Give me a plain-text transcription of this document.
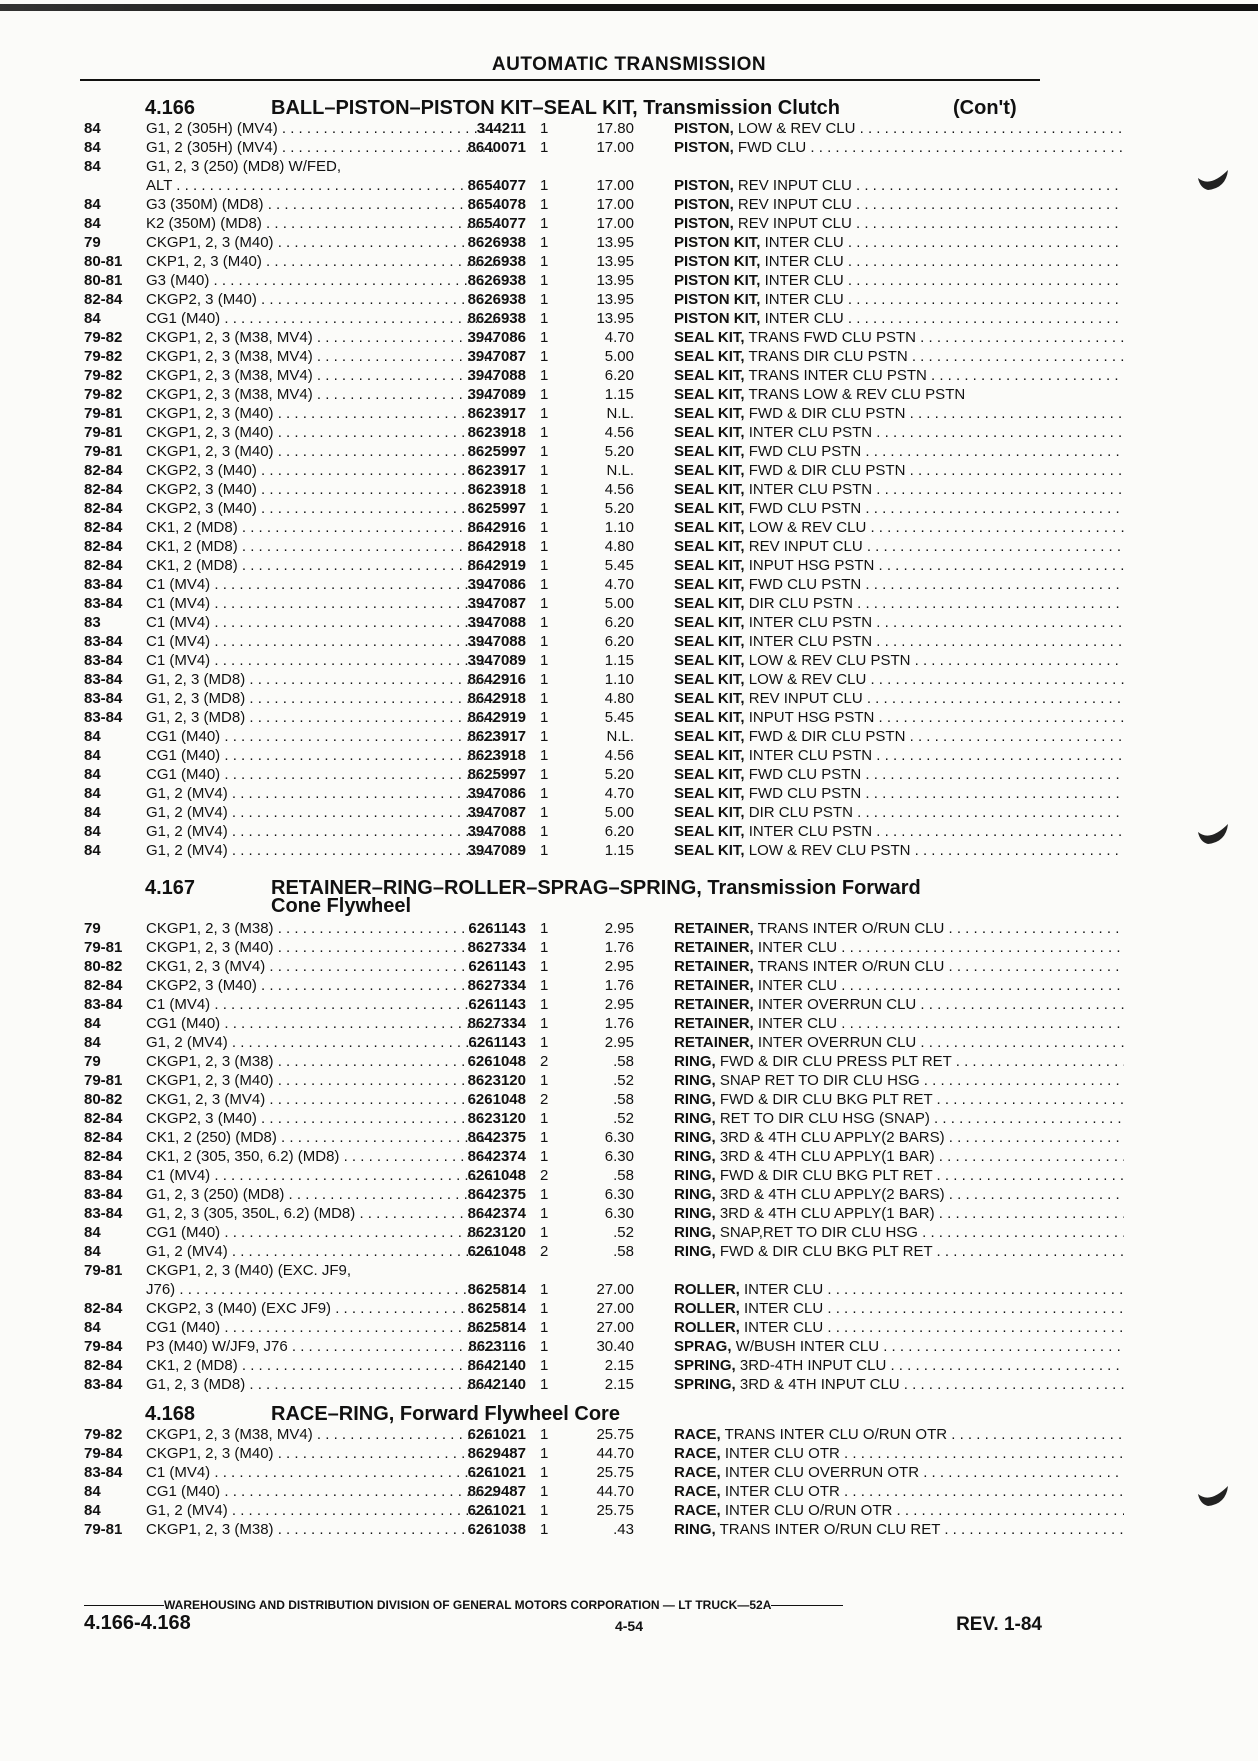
AUTOMATIC TRANSMISSION
4.166	BALL–PISTON–PISTON KIT–SEAL KIT, Transmission Clutch	(Con't)
84	G1, 2 (305H) (MV4) . . .	344211 1	17.80	PISTON, LOW & REV CLU . . .
84	G1, 2 (305H) (MV4) . . .	8640071 1	17.00	PISTON, FWD CLU . . .
84	G1, 2, 3 (250) (MD8) W/FED,
ALT . . .	8654077 1	17.00	PISTON, REV INPUT CLU . . .
84	G3 (350M) (MD8) . . .	8654078 1	17.00	PISTON, REV INPUT CLU . . .
84	K2 (350M) (MD8) . . .	8654077 1	17.00	PISTON, REV INPUT CLU . . .
79	CKGP1, 2, 3 (M40) . . .	8626938 1	13.95	PISTON KIT, INTER CLU . . .
80-81	CKP1, 2, 3 (M40) . . .	8626938 1	13.95	PISTON KIT, INTER CLU . . .
80-81	G3 (M40) . . .	8626938 1	13.95	PISTON KIT, INTER CLU . . .
82-84	CKGP2, 3 (M40) . . .	8626938 1	13.95	PISTON KIT, INTER CLU . . .
84	CG1 (M40) . . .	8626938 1	13.95	PISTON KIT, INTER CLU . . .
79-82	CKGP1, 2, 3 (M38, MV4) . . .	3947086 1	4.70	SEAL KIT, TRANS FWD CLU PSTN . . .
79-82	CKGP1, 2, 3 (M38, MV4) . . .	3947087 1	5.00	SEAL KIT, TRANS DIR CLU PSTN . . .
79-82	CKGP1, 2, 3 (M38, MV4) . . .	3947088 1	6.20	SEAL KIT, TRANS INTER CLU PSTN . . .
79-82	CKGP1, 2, 3 (M38, MV4) . . .	3947089 1	1.15	SEAL KIT, TRANS LOW & REV CLU PSTN
79-81	CKGP1, 2, 3 (M40) . . .	8623917 1	N.L.	SEAL KIT, FWD & DIR CLU PSTN . . .
79-81	CKGP1, 2, 3 (M40) . . .	8623918 1	4.56	SEAL KIT, INTER CLU PSTN . . .
79-81	CKGP1, 2, 3 (M40) . . .	8625997 1	5.20	SEAL KIT, FWD CLU PSTN . . .
82-84	CKGP2, 3 (M40) . . .	8623917 1	N.L.	SEAL KIT, FWD & DIR CLU PSTN . . .
82-84	CKGP2, 3 (M40) . . .	8623918 1	4.56	SEAL KIT, INTER CLU PSTN . . .
82-84	CKGP2, 3 (M40) . . .	8625997 1	5.20	SEAL KIT, FWD CLU PSTN . . .
82-84	CK1, 2 (MD8) . . .	8642916 1	1.10	SEAL KIT, LOW & REV CLU . . .
82-84	CK1, 2 (MD8) . . .	8642918 1	4.80	SEAL KIT, REV INPUT CLU . . .
82-84	CK1, 2 (MD8) . . .	8642919 1	5.45	SEAL KIT, INPUT HSG PSTN . . .
83-84	C1 (MV4) . . .	3947086 1	4.70	SEAL KIT, FWD CLU PSTN . . .
83-84	C1 (MV4) . . .	3947087 1	5.00	SEAL KIT, DIR CLU PSTN . . .
83	C1 (MV4) . . .	3947088 1	6.20	SEAL KIT, INTER CLU PSTN . . .
83-84	C1 (MV4) . . .	3947088 1	6.20	SEAL KIT, INTER CLU PSTN . . .
83-84	C1 (MV4) . . .	3947089 1	1.15	SEAL KIT, LOW & REV CLU PSTN . . .
83-84	G1, 2, 3 (MD8) . . .	8642916 1	1.10	SEAL KIT, LOW & REV CLU . . .
83-84	G1, 2, 3 (MD8) . . .	8642918 1	4.80	SEAL KIT, REV INPUT CLU . . .
83-84	G1, 2, 3 (MD8) . . .	8642919 1	5.45	SEAL KIT, INPUT HSG PSTN . . .
84	CG1 (M40) . . .	8623917 1	N.L.	SEAL KIT, FWD & DIR CLU PSTN . . .
84	CG1 (M40) . . .	8623918 1	4.56	SEAL KIT, INTER CLU PSTN . . .
84	CG1 (M40) . . .	8625997 1	5.20	SEAL KIT, FWD CLU PSTN . . .
84	G1, 2 (MV4) . . .	3947086 1	4.70	SEAL KIT, FWD CLU PSTN . . .
84	G1, 2 (MV4) . . .	3947087 1	5.00	SEAL KIT, DIR CLU PSTN . . .
84	G1, 2 (MV4) . . .	3947088 1	6.20	SEAL KIT, INTER CLU PSTN . . .
84	G1, 2 (MV4) . . .	3947089 1	1.15	SEAL KIT, LOW & REV CLU PSTN . . .
4.167	RETAINER–RING–ROLLER–SPRAG–SPRING, Transmission Forward
Cone Flywheel
79	CKGP1, 2, 3 (M38) . . .	6261143 1	2.95	RETAINER, TRANS INTER O/RUN CLU . . .
79-81	CKGP1, 2, 3 (M40) . . .	8627334 1	1.76	RETAINER, INTER CLU . . .
80-82	CKG1, 2, 3 (MV4) . . .	6261143 1	2.95	RETAINER, TRANS INTER O/RUN CLU . . .
82-84	CKGP2, 3 (M40) . . .	8627334 1	1.76	RETAINER, INTER CLU . . .
83-84	C1 (MV4) . . .	6261143 1	2.95	RETAINER, INTER OVERRUN CLU . . .
84	CG1 (M40) . . .	8627334 1	1.76	RETAINER, INTER CLU . . .
84	G1, 2 (MV4) . . .	6261143 1	2.95	RETAINER, INTER OVERRUN CLU . . .
79	CKGP1, 2, 3 (M38) . . .	6261048 2	.58	RING, FWD & DIR CLU PRESS PLT RET . . .
79-81	CKGP1, 2, 3 (M40) . . .	8623120 1	.52	RING, SNAP RET TO DIR CLU HSG . . .
80-82	CKG1, 2, 3 (MV4) . . .	6261048 2	.58	RING, FWD & DIR CLU BKG PLT RET . . .
82-84	CKGP2, 3 (M40) . . .	8623120 1	.52	RING, RET TO DIR CLU HSG (SNAP) . . .
82-84	CK1, 2 (250) (MD8) . . .	8642375 1	6.30	RING, 3RD & 4TH CLU APPLY(2 BARS) . . .
82-84	CK1, 2 (305, 350, 6.2) (MD8) . . .	8642374 1	6.30	RING, 3RD & 4TH CLU APPLY(1 BAR) . . .
83-84	C1 (MV4) . . .	6261048 2	.58	RING, FWD & DIR CLU BKG PLT RET . . .
83-84	G1, 2, 3 (250) (MD8) . . .	8642375 1	6.30	RING, 3RD & 4TH CLU APPLY(2 BARS) . . .
83-84	G1, 2, 3 (305, 350L, 6.2) (MD8) . . .	8642374 1	6.30	RING, 3RD & 4TH CLU APPLY(1 BAR) . . .
84	CG1 (M40) . . .	8623120 1	.52	RING, SNAP,RET TO DIR CLU HSG . . .
84	G1, 2 (MV4) . . .	6261048 2	.58	RING, FWD & DIR CLU BKG PLT RET . . .
79-81	CKGP1, 2, 3 (M40) (EXC. JF9,
J76) . . .	8625814 1	27.00	ROLLER, INTER CLU . . .
82-84	CKGP2, 3 (M40) (EXC JF9) . . .	8625814 1	27.00	ROLLER, INTER CLU . . .
84	CG1 (M40) . . .	8625814 1	27.00	ROLLER, INTER CLU . . .
79-84	P3 (M40) W/JF9, J76 . . .	8623116 1	30.40	SPRAG, W/BUSH INTER CLU . . .
82-84	CK1, 2 (MD8) . . .	8642140 1	2.15	SPRING, 3RD-4TH INPUT CLU . . .
83-84	G1, 2, 3 (MD8) . . .	8642140 1	2.15	SPRING, 3RD & 4TH INPUT CLU . . .
4.168	RACE–RING, Forward Flywheel Core
79-82	CKGP1, 2, 3 (M38, MV4) . . .	6261021 1	25.75	RACE, TRANS INTER CLU O/RUN OTR . . .
79-84	CKGP1, 2, 3 (M40) . . .	8629487 1	44.70	RACE, INTER CLU OTR . . .
83-84	C1 (MV4) . . .	6261021 1	25.75	RACE, INTER CLU OVERRUN OTR . . .
84	CG1 (M40) . . .	8629487 1	44.70	RACE, INTER CLU OTR . . .
84	G1, 2 (MV4) . . .	6261021 1	25.75	RACE, INTER CLU O/RUN OTR . . .
79-81	CKGP1, 2, 3 (M38) . . .	6261038 1	.43	RING, TRANS INTER O/RUN CLU RET . . .
WAREHOUSING AND DISTRIBUTION DIVISION OF GENERAL MOTORS CORPORATION — LT TRUCK—52A
4.166-4.168	4-54	REV. 1-84
